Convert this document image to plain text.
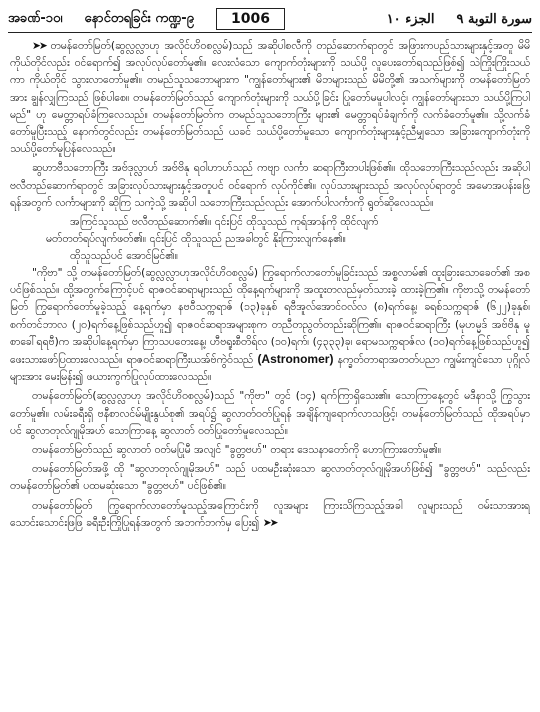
အခဏ်-၁၀၊ နောင်တရခြင်း ကဏ္ဍ-၉	1006	الجزء ١٠ سورة التوبة ٩

➤➤ တမန်တော်မြတ်(ဆွလ္လလ္လာဟု အလိုင်ဟိဝစလ္လမ်)သည် အဆိုပါစလီကို တည်ဆောက်ရာတွင် အဖြားကပည်သားများနှင့်အတူ မိမိကိုယ်တိုင်လည်း ဝင်ရောက်၍ အလုပ်လုပ်တော်မူ၏။ လေးလံသော ကျောက်တုံးများကို သယ်ပို့ လူပေးတော်ရသည်ဖြစ်၍ သဲကြိုးကြိုးသယ်ကာ ကိုယ်တိုင် သွားလာတော်မူ၏။ တမည်သူသဘောများက "ကျွန်တော်များ၏ မိဘများသည် မိမိတို့၏ အသက်များကို တမန်တော်မြတ်အား ချွန်လျှကြသည် ဖြစ်ပါစေ။ တမန်တော်မြတ်သည် ကျောက်တုံးများကို သယ်ပို့ခြင်း ပြုတော်မမူပါလင့်၊ ကျွန်တော်များသာ သယ်ပို့ကြပါမည်" ဟု မေတ္တာရပ်ခံကြလေသည်။ တမန်တော်မြတ်က တမည်သူသဘောကြီး များ၏ မေတ္တာရပ်ခံချက်ကို လက်ခံတော်မူ၏။ သို့လက်ခံတော်မူပြီးသည့် နောက်တွင်လည်း တမန်တော်မြတ်သည် ယခင် သယ်ပို့တော်မူသော ကျောက်တုံးများနှင့်ညီမျှသော အခြားကျောက်တုံးကို သယ်ပို့တော်မူပြန်လေသည်။

ဆွဟာဗီသဘောကြီး အဗ်ဒုလ္လာဟ် အဗ်ဗိနု ရဝါဟာဟ်သည် ကဗျာ လင်္ကာ ဆရာကြီးတပါးဖြစ်၏။ ထိုသဘောကြီးသည်လည်း အဆိုပါ ဗလီတည်ဆောက်ရာတွင် အခြားလုပ်သားများနှင့်အတူပင် ဝင်ရောက် လုပ်ကိုင်၏။ လုပ်သားများသည် အလုပ်လုပ်ရာတွင် အမောအပန်းဖြေရန်အတွက် လင်္ကာများကို ဆိုကြ သကဲ့သို့ အဆိုပါ သဘောကြီးသည်လည်း အောက်ပါလင်္ကာကို ရွတ်ဆိုလေသည်။

အကြင်သူသည် ဗလီတည်ဆောက်၏။ ၎င်းပြင် ထိုသူသည် ကုရ်အာန်ကို ထိုင်လျက်
မတ်တတ်ရပ်လျက်ဖတ်၏။ ၎င်းပြင် ထိုသူသည် ညအခါတွင် နိုးကြားလျက်နေ၏။
ထိုသူသည်ပင် အောင်မြင်၏။

"ကိုဗာ" သို့ တမန်တော်မြတ်(ဆွလ္လလ္လာဟုအလိုင်ဟိဝစလ္လမ်) ကြွရောက်လာတော်မူခြင်းသည် အစ္စလာမ်၏ ထူးခြားသောခေတ်၏ အစပင်ဖြစ်သည်။ ထို့အတွက်ကြောင့်ပင် ရာဇဝင်ဆရာများသည် ထိုနေ့ရက်များကို အထူးတလည်မှတ်သားခဲ့ ထားခဲ့ကြ၏။ ကိုဗာသို့ တမန်တော်မြတ် ကြွရောက်တော်မူခဲ့သည့် နေ့ရက်မှာ နဗဝီသက္ကရာဇ် (၁၃)ခုနှစ် ရဗီအူလ်အောင်ဝလ်လ (၈)ရက်နေ့၊ ခရစ်သက္ကရာဇ် (၆၂၂)ခုနှစ်၊ စက်တင်ဘာလ (၂၀)ရက်နေ့ဖြစ်သည်ဟူ၍ ရာဇဝင်ဆရာအများစုက တညီတညွတ်တည်းဆိုကြ၏။ ရာဇဝင်ဆရာကြီး (မုဟမ္မဒ် အဗ်ဗိနု မူစာခေါ်ရရဗီ)က အဆိုပါနေ့ရက်မှာ ကြာသပတေးနေ့၊ ဟီဗရူးစီတိရ်လ (၁၀)ရက်၊ (၄၃၃၃)ခု၊ ရောမသက္ကရာဇ်လ (၁၀)ရက်နေ့ဖြစ်သည်ဟူ၍ ဖေးသားဖော်ပြထားလေသည်။ ရာဇဝင်ဆရာကြီးယအ်ဗ်ကွဲဝ်သည် (Astronomer) နက္ခတ်တာရာအတတ်ပညာ ကျွမ်းကျင်သော ပုဂ္ဂိုလ်များအား မေးမြန်း၍ ဖယားကွက်ပြုလုပ်ထားလေသည်။

တမန်တော်မြတ်(ဆွလ္လလ္လာဟု အလိုင်ဟိဝစလ္လမ်)သည် "ကိုဗာ" တွင် (၁၄) ရက်ကြာရှိသေး၏။ သောကြာနေ့တွင် မဒီနာသို့ ကြွသွားတော်မူ၏။ လမ်းခရီးရှိ ဗနီစာလင်မ်မျိုးနွယ်စု၏ အရပ်၌ ဆွလာတ်ဝတ်ပြုရန် အချိန်ကျရောက်လာသဖြင့်၊ တမန်တော်မြတ်သည် ထိုအရပ်မှာပင် ဆွလာတုလ်ဂျုမိုအဟ် သောကြာနေ့ ဆွလာတ် ဝတ်ပြုတော်မူလေသည်။

တမန်တော်မြတ်သည် ဆွလာတ် ဝတ်မပြုမီ အလျင် "ခွတ္တဗဟ်" တရား ဒေသနာတော်ကို ဟောကြားတော်မူ၏။

တမန်တော်မြတ်အဖို့ ထို "ဆွလာတုလ်ဂျုမိုအဟ်" သည် ပထမဦးဆုံးသော ဆွလာတ်တုလ်ဂျုမိုအဟ်ဖြစ်၍ "ခွတ္တဗဟ်" သည်လည်း တမန်တော်မြတ်၏ ပထမဆုံးသော "ခွတ္တဗဟ်" ပင်ဖြစ်၏။

တမန်တော်မြတ် ကြွရောက်လာတော်မူသည့်အကြောင်းကို လူအများ ကြားသိကြသည့်အခါ လူများသည် ဝမ်းသာအားရ သောင်းသောင်းဖြဖြ ခရီးဦးကြိုပြုရန်အတွက် အဘက်ဘက်မှ ပြေး၍ ➤➤
